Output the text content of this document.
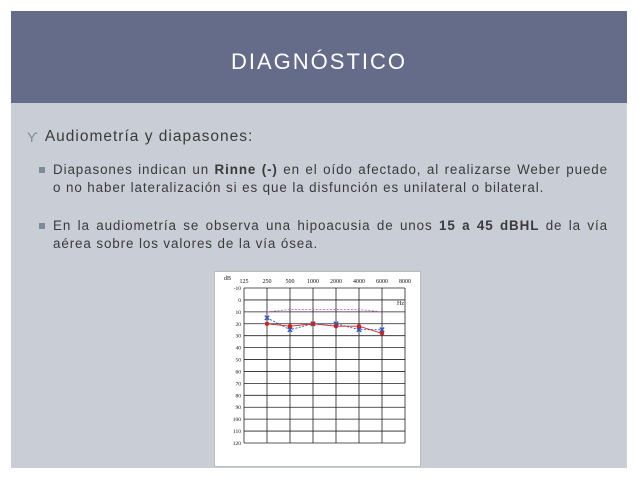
DIAGNÓSTICO
ϒ Audiometría y diapasones:
Diapasones indican un Rinne (-) en el oído afectado, al realizarse Weber puede o no haber lateralización si es que la disfunción es unilateral o bilateral.
En la audiometría se observa una hipoacusia de unos 15 a 45 dBHL de la vía aérea sobre los valores de la vía ósea.
125 250 500 1000 2000 4000 6000 8000
-10
0
10
20
30
40
50
60
70
80
90
100
110
120
dB
Hz
×	×	×	×	×	×
